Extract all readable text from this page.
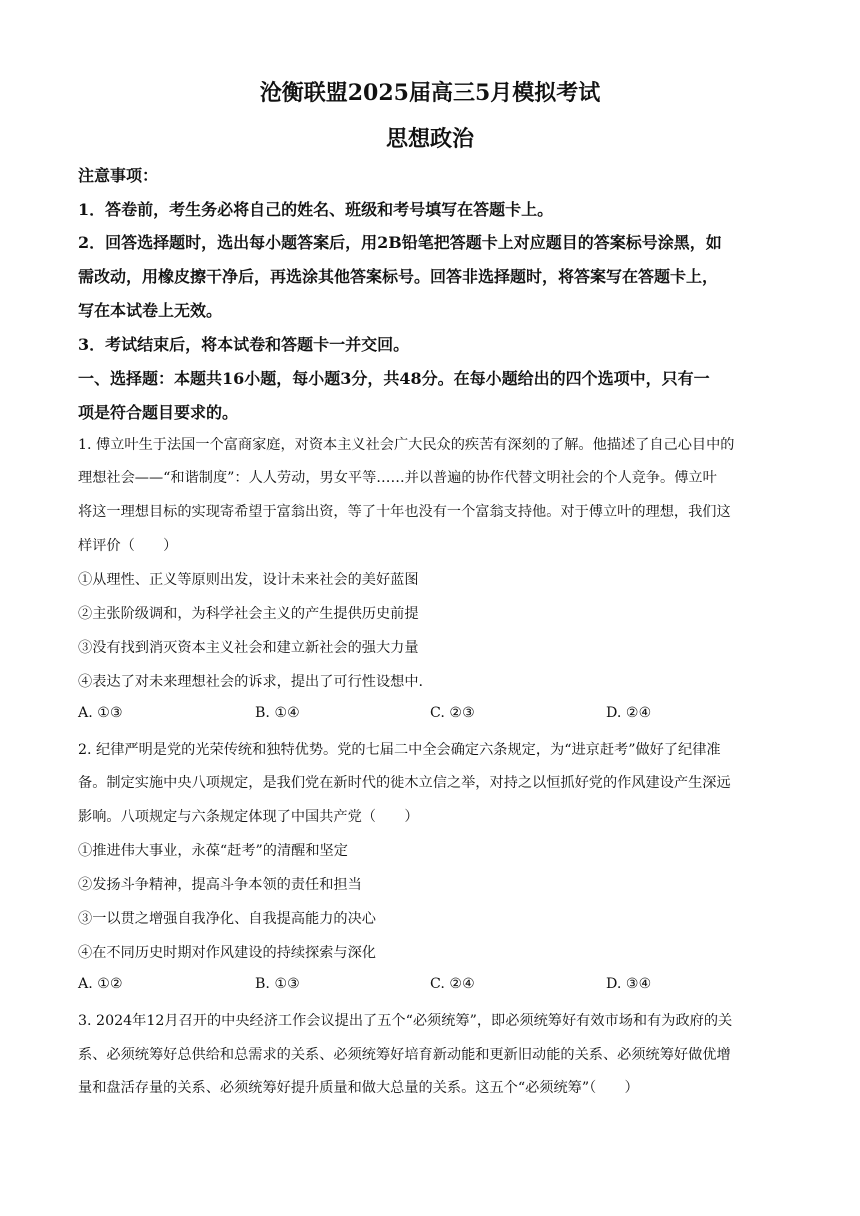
沧衡联盟2025届高三5月模拟考试
思想政治
注意事项：
1．答卷前，考生务必将自己的姓名、班级和考号填写在答题卡上。
2．回答选择题时，选出每小题答案后，用2B铅笔把答题卡上对应题目的答案标号涂黑，如
需改动，用橡皮擦干净后，再选涂其他答案标号。回答非选择题时，将答案写在答题卡上，
写在本试卷上无效。
3．考试结束后，将本试卷和答题卡一并交回。
一、选择题：本题共16小题，每小题3分，共48分。在每小题给出的四个选项中，只有一
项是符合题目要求的。
1. 傅立叶生于法国一个富商家庭，对资本主义社会广大民众的疾苦有深刻的了解。他描述了自己心目中的
理想社会——“和谐制度”：人人劳动，男女平等……并以普遍的协作代替文明社会的个人竞争。傅立叶
将这一理想目标的实现寄希望于富翁出资，等了十年也没有一个富翁支持他。对于傅立叶的理想，我们这
样评价（　　）
①从理性、正义等原则出发，设计未来社会的美好蓝图
②主张阶级调和，为科学社会主义的产生提供历史前提
③没有找到消灭资本主义社会和建立新社会的强大力量
④表达了对未来理想社会的诉求，提出了可行性设想中.
A. ①③	B. ①④	C. ②③	D. ②④
2. 纪律严明是党的光荣传统和独特优势。党的七届二中全会确定六条规定，为“进京赶考”做好了纪律准
备。制定实施中央八项规定，是我们党在新时代的徙木立信之举，对持之以恒抓好党的作风建设产生深远
影响。八项规定与六条规定体现了中国共产党（　　）
①推进伟大事业，永葆“赶考”的清醒和坚定
②发扬斗争精神，提高斗争本领的责任和担当
③一以贯之增强自我净化、自我提高能力的决心
④在不同历史时期对作风建设的持续探索与深化
A. ①②	B. ①③	C. ②④	D. ③④
3. 2024年12月召开的中央经济工作会议提出了五个“必须统筹”，即必须统筹好有效市场和有为政府的关
系、必须统筹好总供给和总需求的关系、必须统筹好培育新动能和更新旧动能的关系、必须统筹好做优增
量和盘活存量的关系、必须统筹好提升质量和做大总量的关系。这五个“必须统筹”（　　）
